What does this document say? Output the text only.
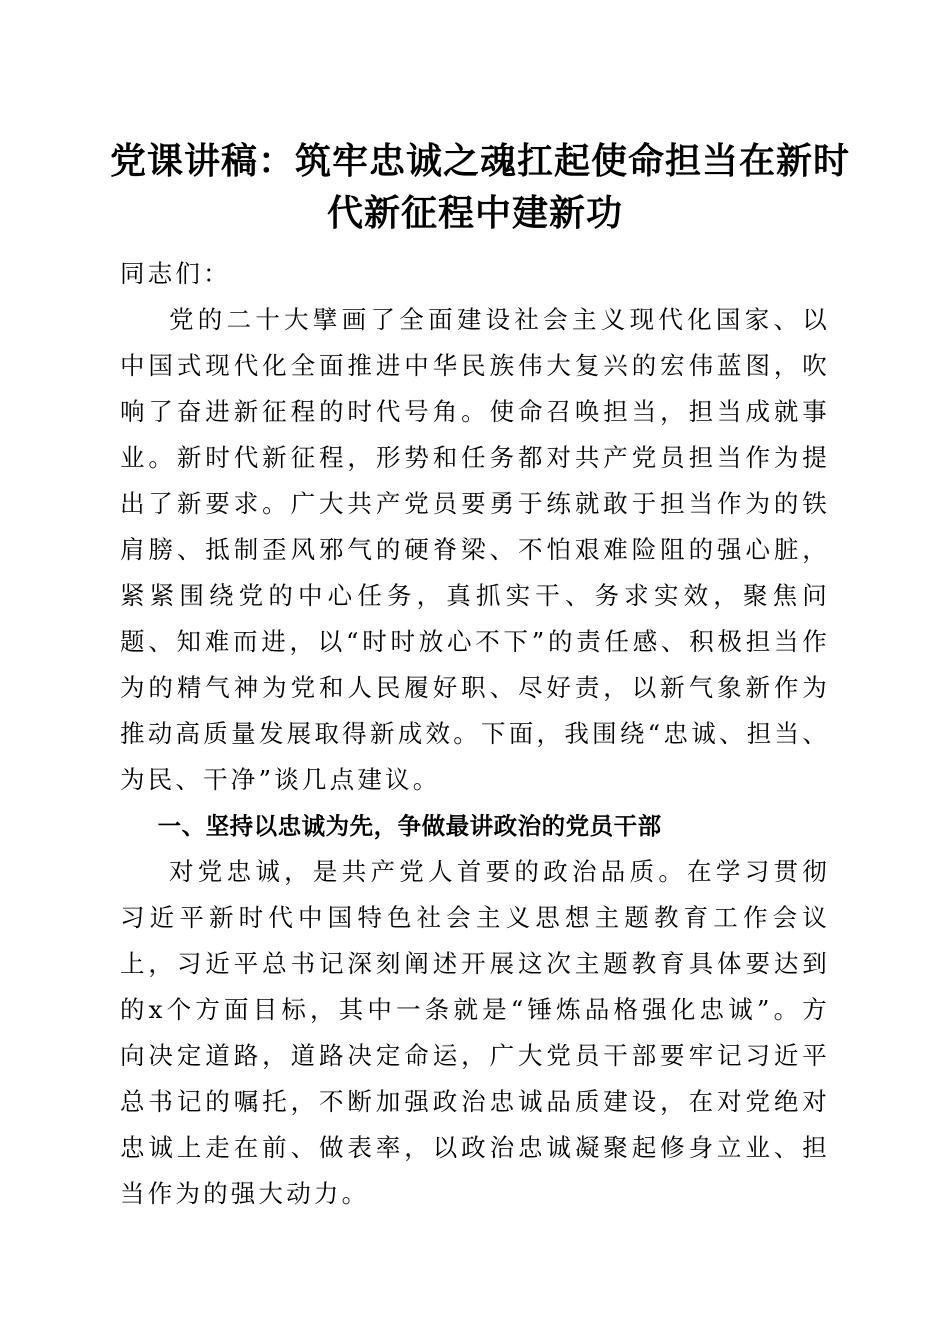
党课讲稿：筑牢忠诚之魂扛起使命担当在新时
代新征程中建新功

同志们：

党的二十大擘画了全面建设社会主义现代化国家、以中国式现代化全面推进中华民族伟大复兴的宏伟蓝图，吹响了奋进新征程的时代号角。使命召唤担当，担当成就事业。新时代新征程，形势和任务都对共产党员担当作为提出了新要求。广大共产党员要勇于练就敢于担当作为的铁肩膀、抵制歪风邪气的硬脊梁、不怕艰难险阻的强心脏，紧紧围绕党的中心任务，真抓实干、务求实效，聚焦问题、知难而进，以“时时放心不下”的责任感、积极担当作为的精气神为党和人民履好职、尽好责，以新气象新作为推动高质量发展取得新成效。下面，我围绕“忠诚、担当、为民、干净”谈几点建议。

一、坚持以忠诚为先，争做最讲政治的党员干部

对党忠诚，是共产党人首要的政治品质。在学习贯彻习近平新时代中国特色社会主义思想主题教育工作会议上，习近平总书记深刻阐述开展这次主题教育具体要达到的x个方面目标，其中一条就是“锤炼品格强化忠诚”。方向决定道路，道路决定命运，广大党员干部要牢记习近平总书记的嘱托，不断加强政治忠诚品质建设，在对党绝对忠诚上走在前、做表率，以政治忠诚凝聚起修身立业、担当作为的强大动力。
